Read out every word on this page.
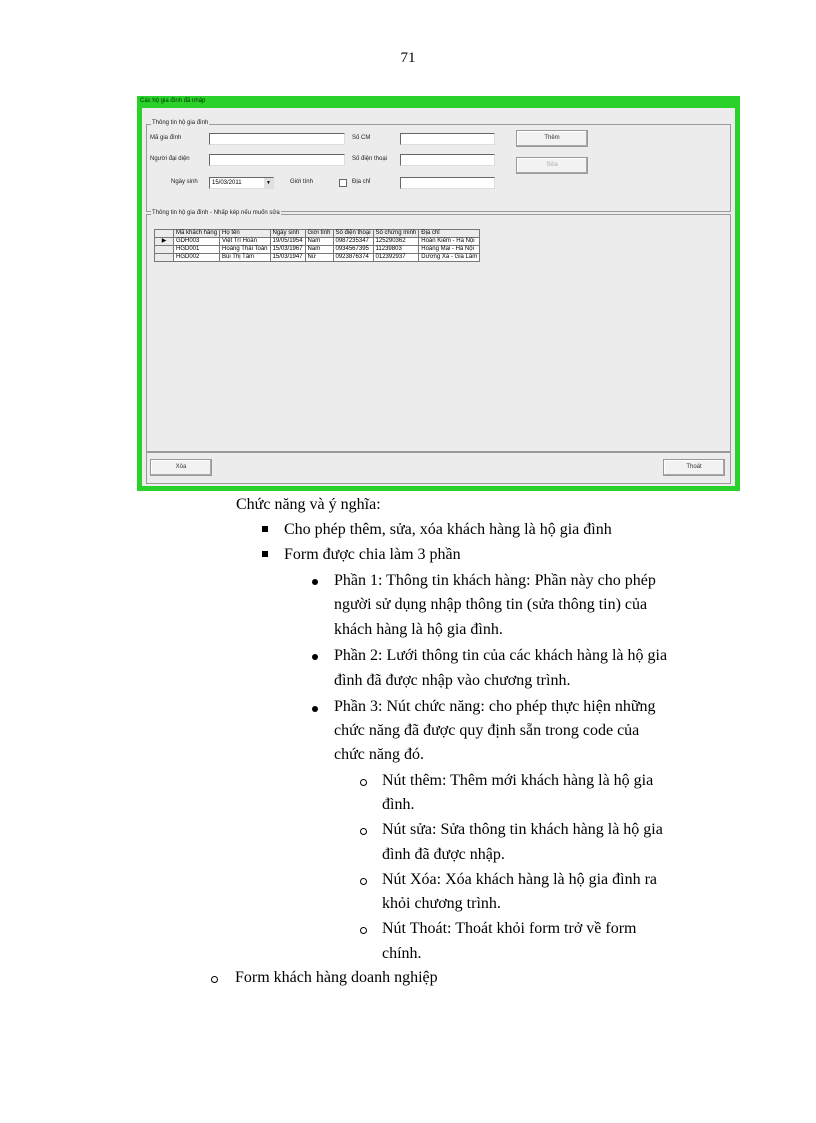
71
Các hộ gia đình đã nhập
Thông tin hộ gia đình
Mã gia đình
Người đại diện
Ngày sinh	15/03/2011	▼	Giới tính	Địa chỉ
Số CM
Số điện thoại
Thêm
Sửa
Thông tin hộ gia đình - Nhấp kép nếu muốn sửa
	Mã khách hàng	Họ tên	Ngày sinh	Giới tính	Số điện thoại	Số chứng minh	Địa chỉ
▶	GDH003	Việt Trí Hoàn	19/05/1954	Nam	0987235347	125290362	Hoàn Kiếm - Hà Nội
	HGD001	Hoàng Thái Toàn	15/03/1967	Nam	0934567395	11239803	Hoàng Mai - Hà Nội
	HGD002	Bùi Thị Tâm	15/03/1947	Nữ	0923876374	012392937	Dương Xá - Gia Lâm
Xóa	Thoát
Chức năng và ý nghĩa:
Cho phép thêm, sửa, xóa khách hàng là hộ gia đình
Form được chia làm 3 phần
Phần 1: Thông tin khách hàng: Phần này cho phép
người sử dụng nhập thông tin (sửa thông tin) của
khách hàng là hộ gia đình.
Phần 2: Lưới thông tin của các khách hàng là hộ gia
đình đã được nhập vào chương trình.
Phần 3: Nút chức năng: cho phép thực hiện những
chức năng đã được quy định sẵn trong code của
chức năng đó.
Nút thêm: Thêm mới khách hàng là hộ gia
đình.
Nút sửa: Sửa thông tin khách hàng là hộ gia
đình đã được nhập.
Nút Xóa: Xóa khách hàng là hộ gia đình ra
khỏi chương trình.
Nút Thoát: Thoát khỏi form trở về form
chính.
Form khách hàng doanh nghiệp
